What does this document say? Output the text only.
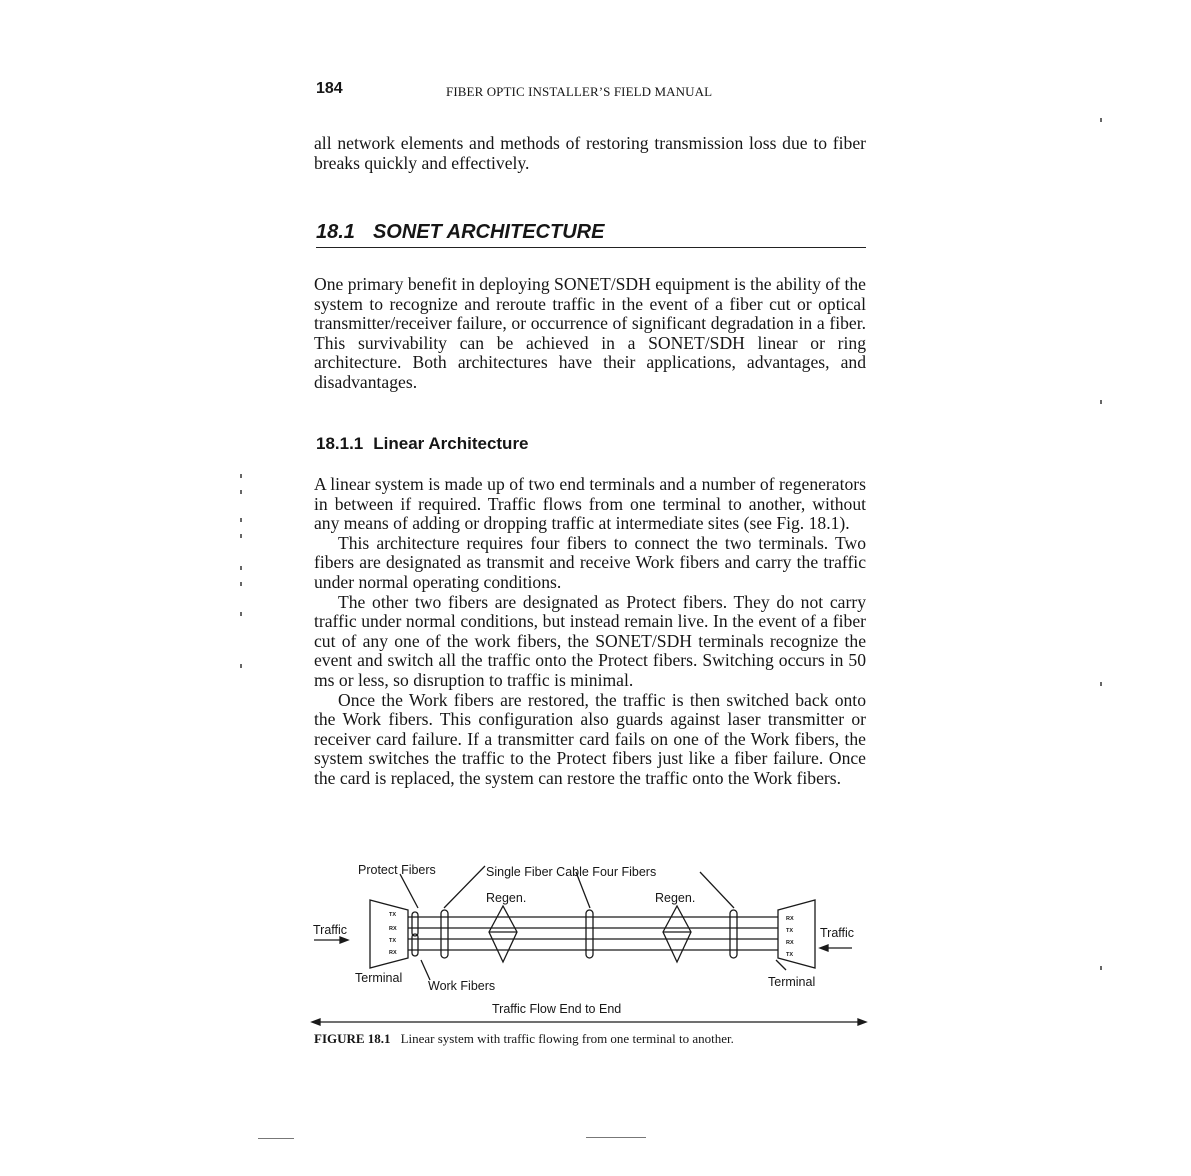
184	FIBER OPTIC INSTALLER’S FIELD MANUAL

all network elements and methods of restoring transmission loss due to fiber breaks quickly and effectively.

18.1 SONET ARCHITECTURE

One primary benefit in deploying SONET/SDH equipment is the ability of the system to recognize and reroute traffic in the event of a fiber cut or optical transmitter/receiver failure, or occurrence of significant degradation in a fiber. This survivability can be achieved in a SONET/SDH linear or ring architecture. Both architectures have their applications, advantages, and disadvantages.

18.1.1 Linear Architecture

A linear system is made up of two end terminals and a number of regenerators in between if required. Traffic flows from one terminal to another, without any means of adding or dropping traffic at intermediate sites (see Fig. 18.1).

This architecture requires four fibers to connect the two terminals. Two fibers are designated as transmit and receive Work fibers and carry the traffic under normal operating conditions.

The other two fibers are designated as Protect fibers. They do not carry traffic under normal conditions, but instead remain live. In the event of a fiber cut of any one of the work fibers, the SONET/SDH terminals recognize the event and switch all the traffic onto the Protect fibers. Switching occurs in 50 ms or less, so disruption to traffic is minimal.

Once the Work fibers are restored, the traffic is then switched back onto the Work fibers. This configuration also guards against laser transmitter or receiver card failure. If a transmitter card fails on one of the Work fibers, the system switches the traffic to the Protect fibers just like a fiber failure. Once the card is replaced, the system can restore the traffic onto the Work fibers.

TX
RX
TX
RX
RX
TX
RX
TX
Protect Fibers	Single Fiber Cable Four Fibers
Regen.	Regen.
Traffic	Traffic
Terminal
Work Fibers	Terminal
Traffic Flow End to End
FIGURE 18.1 Linear system with traffic flowing from one terminal to another.
